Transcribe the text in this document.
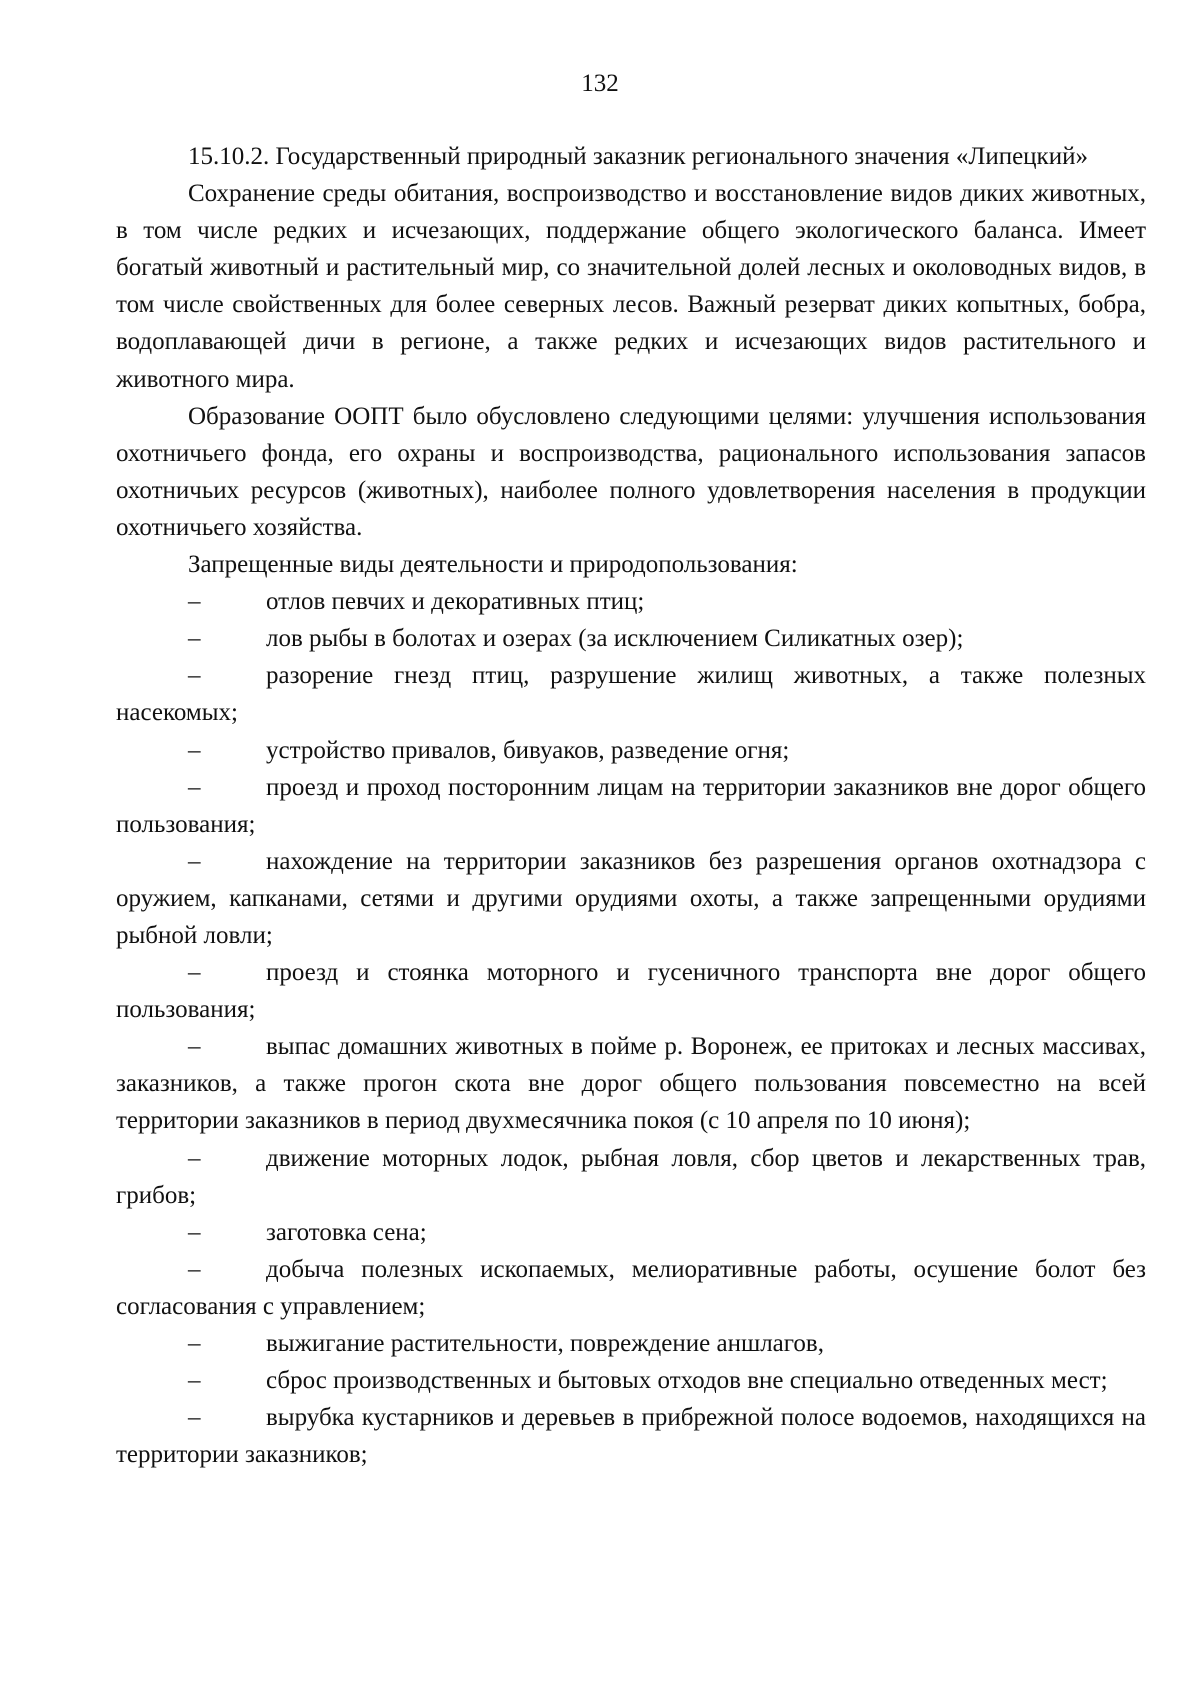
132

15.10.2. Государственный природный заказник регионального значения «Липецкий»

Сохранение среды обитания, воспроизводство и восстановление видов диких животных, в том числе редких и исчезающих, поддержание общего экологического баланса. Имеет богатый животный и растительный мир, со значительной долей лесных и околоводных видов, в том числе свойственных для более северных лесов. Важный резерват диких копытных, бобра, водоплавающей дичи в регионе, а также редких и исчезающих видов растительного и животного мира.

Образование ООПТ было обусловлено следующими целями: улучшения использования охотничьего фонда, его охраны и воспроизводства, рационального использования запасов охотничьих ресурсов (животных), наиболее полного удовлетворения населения в продукции охотничьего хозяйства.

Запрещенные виды деятельности и природопользования:

–	отлов певчих и декоративных птиц;

–	лов рыбы в болотах и озерах (за исключением Силикатных озер);

–	разорение гнезд птиц, разрушение жилищ животных, а также полезных насекомых;

–	устройство привалов, бивуаков, разведение огня;

–	проезд и проход посторонним лицам на территории заказников вне дорог общего пользования;

–	нахождение на территории заказников без разрешения органов охотнадзора с оружием, капканами, сетями и другими орудиями охоты, а также запрещенными орудиями рыбной ловли;

–	проезд и стоянка моторного и гусеничного транспорта вне дорог общего пользования;

–	выпас домашних животных в пойме р. Воронеж, ее притоках и лесных массивах, заказников, а также прогон скота вне дорог общего пользования повсеместно на всей территории заказников в период двухмесячника покоя (с 10 апреля по 10 июня);

–	движение моторных лодок, рыбная ловля, сбор цветов и лекарственных трав, грибов;

–	заготовка сена;

–	добыча полезных ископаемых, мелиоративные работы, осушение болот без согласования с управлением;

–	выжигание растительности, повреждение аншлагов,

–	сброс производственных и бытовых отходов вне специально отведенных мест;

–	вырубка кустарников и деревьев в прибрежной полосе водоемов, находящихся на территории заказников;
